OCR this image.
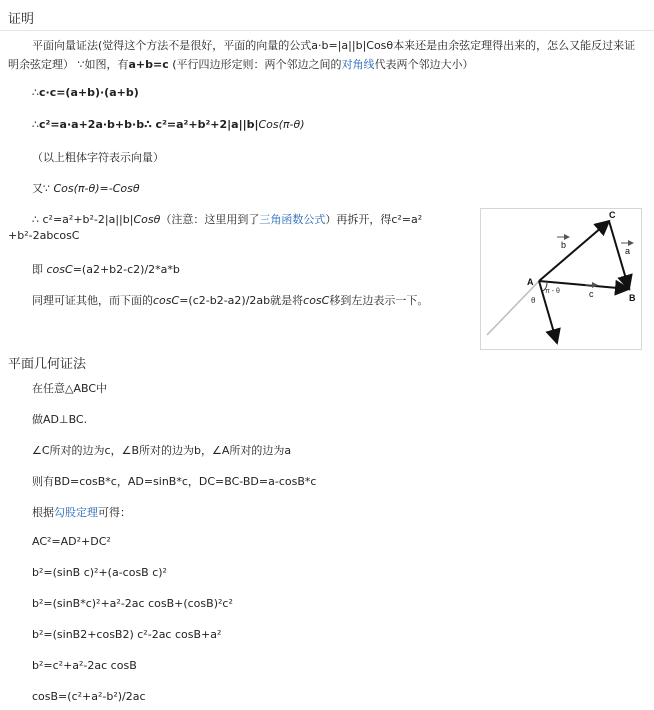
证明
平面向量证法(觉得这个方法不是很好，平面的向量的公式a·b=|a||b|Cosθ本来还是由余弦定理得出来的，怎么又能反过来证明余弦定理） ∵如图，有a+b=c (平行四边形定则：两个邻边之间的对角线代表两个邻边大小）
∴c·c=(a+b)·(a+b)
∴c²=a·a+2a·b+b·b∴ c²=a²+b²+2|a||b|Cos(π-θ)
（以上粗体字符表示向量）
又∵ Cos(π-θ)=-Cosθ
∴ c²=a²+b²-2|a||b|Cosθ（注意：这里用到了三角函数公式）再拆开，得c²=a²
+b²-2abcosC
即 cosC=(a2+b2-c2)/2*a*b
同理可证其他，而下面的cosC=(c2-b2-a2)/2ab就是将cosC移到左边表示一下。
A
B
C
b
a
c
π - θ
θ
平面几何证法
在任意△ABC中
做AD⊥BC.
∠C所对的边为c，∠B所对的边为b，∠A所对的边为a
则有BD=cosB*c，AD=sinB*c，DC=BC-BD=a-cosB*c
根据勾股定理可得：
AC²=AD²+DC²
b²=(sinB c)²+(a-cosB c)²
b²=(sinB*c)²+a²-2ac cosB+(cosB)²c²
b²=(sinB2+cosB2) c²-2ac cosB+a²
b²=c²+a²-2ac cosB
cosB=(c²+a²-b²)/2ac
